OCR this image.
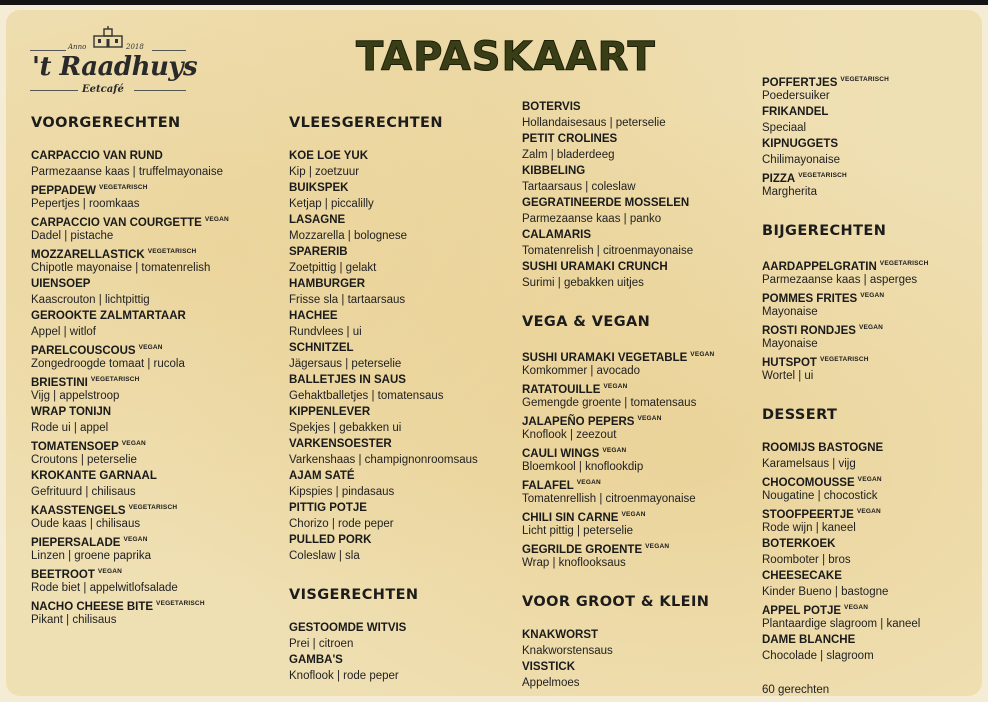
Anno	2018
't Raadhuys
Eetcafé
TAPASKAART
VOORGERECHTEN
CARPACCIO VAN RUND
Parmezaanse kaas | truffelmayonaise
PEPPADEW $^{VEGETARISCH}$
Pepertjes | roomkaas
CARPACCIO VAN COURGETTE $^{VEGAN}$
Dadel | pistache
MOZZARELLASTICK $^{VEGETARISCH}$
Chipotle mayonaise | tomatenrelish
UIENSOEP
Kaascrouton | lichtpittig
GEROOKTE ZALMTARTAAR
Appel | witlof
PARELCOUSCOUS $^{VEGAN}$
Zongedroogde tomaat | rucola
BRIESTINI $^{VEGETARISCH}$
Vijg | appelstroop
WRAP TONIJN
Rode ui | appel
TOMATENSOEP $^{VEGAN}$
Croutons | peterselie
KROKANTE GARNAAL
Gefrituurd | chilisaus
KAASSTENGELS $^{VEGETARISCH}$
Oude kaas | chilisaus
PIEPERSALADE $^{VEGAN}$
Linzen | groene paprika
BEETROOT $^{VEGAN}$
Rode biet | appelwitlofsalade
NACHO CHEESE BITE $^{VEGETARISCH}$
Pikant | chilisaus
VLEESGERECHTEN
KOE LOE YUK
Kip | zoetzuur
BUIKSPEK
Ketjap | piccalilly
LASAGNE
Mozzarella | bolognese
SPARERIB
Zoetpittig | gelakt
HAMBURGER
Frisse sla | tartaarsaus
HACHEE
Rundvlees | ui
SCHNITZEL
Jägersaus | peterselie
BALLETJES IN SAUS
Gehaktballetjes | tomatensaus
KIPPENLEVER
Spekjes | gebakken ui
VARKENSOESTER
Varkenshaas | champignonroomsaus
AJAM SATÉ
Kipspies | pindasaus
PITTIG POTJE
Chorizo | rode peper
PULLED PORK
Coleslaw | sla
VISGERECHTEN
GESTOOMDE WITVIS
Prei | citroen
GAMBA'S
Knoflook | rode peper
BOTERVIS
Hollandaisesaus | peterselie
PETIT CROLINES
Zalm | bladerdeeg
KIBBELING
Tartaarsaus | coleslaw
GEGRATINEERDE MOSSELEN
Parmezaanse kaas | panko
CALAMARIS
Tomatenrelish | citroenmayonaise
SUSHI URAMAKI CRUNCH
Surimi | gebakken uitjes
VEGA & VEGAN
SUSHI URAMAKI VEGETABLE $^{VEGAN}$
Komkommer | avocado
RATATOUILLE $^{VEGAN}$
Gemengde groente | tomatensaus
JALAPEÑO PEPERS $^{VEGAN}$
Knoflook | zeezout
CAULI WINGS $^{VEGAN}$
Bloemkool | knoflookdip
FALAFEL $^{VEGAN}$
Tomatenrellish | citroenmayonaise
CHILI SIN CARNE $^{VEGAN}$
Licht pittig | peterselie
GEGRILDE GROENTE $^{VEGAN}$
Wrap | knoflooksaus
VOOR GROOT & KLEIN
KNAKWORST
Knakworstensaus
VISSTICK
Appelmoes
POFFERTJES $^{VEGETARISCH}$
Poedersuiker
FRIKANDEL
Speciaal
KIPNUGGETS
Chilimayonaise
PIZZA $^{VEGETARISCH}$
Margherita
BIJGERECHTEN
AARDAPPELGRATIN $^{VEGETARISCH}$
Parmezaanse kaas | asperges
POMMES FRITES $^{VEGAN}$
Mayonaise
ROSTI RONDJES $^{VEGAN}$
Mayonaise
HUTSPOT $^{VEGETARISCH}$
Wortel | ui
DESSERT
ROOMIJS BASTOGNE
Karamelsaus | vijg
CHOCOMOUSSE $^{VEGAN}$
Nougatine | chocostick
STOOFPEERTJE $^{VEGAN}$
Rode wijn | kaneel
BOTERKOEK
Roomboter | bros
CHEESECAKE
Kinder Bueno | bastogne
APPEL POTJE $^{VEGAN}$
Plantaardige slagroom | kaneel
DAME BLANCHE
Chocolade | slagroom
60 gerechten
